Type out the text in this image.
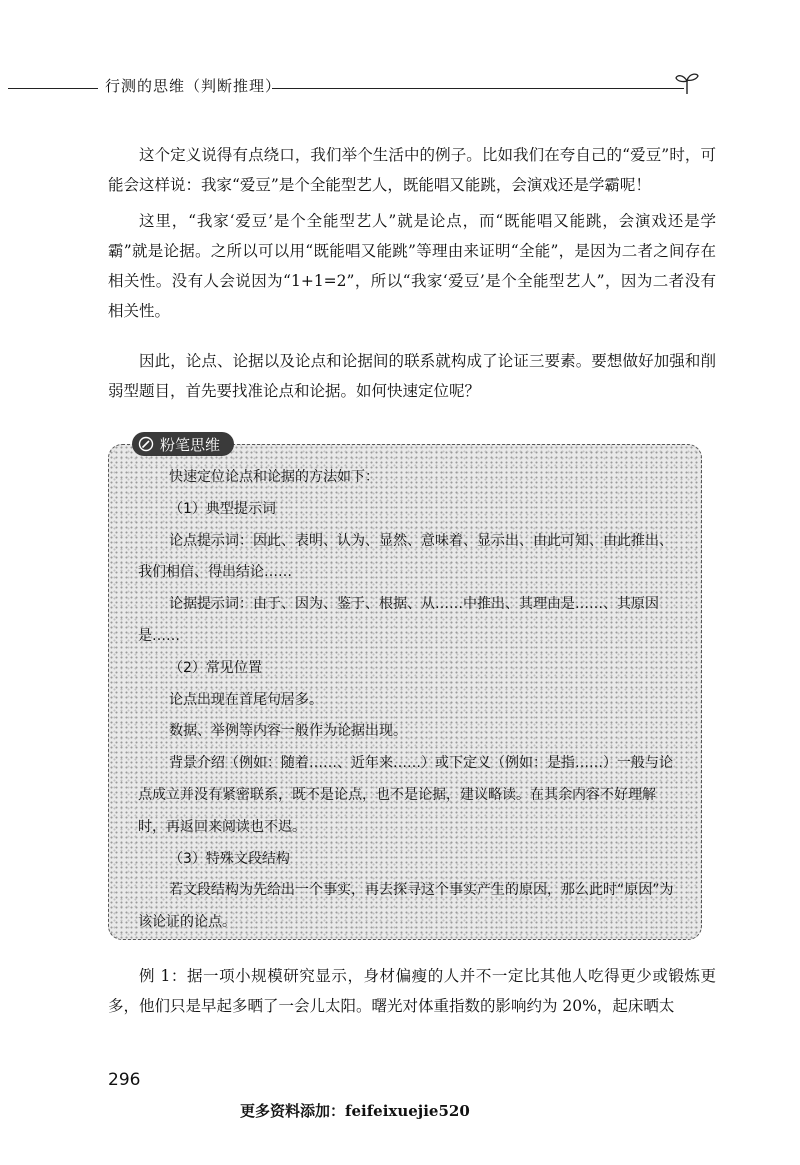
行测的思维（判断推理）

这个定义说得有点绕口，我们举个生活中的例子。比如我们在夸自己的“爱豆”时，可能会这样说：我家“爱豆”是个全能型艺人，既能唱又能跳，会演戏还是学霸呢！

这里，“我家‘爱豆’是个全能型艺人”就是论点，而“既能唱又能跳，会演戏还是学霸”就是论据。之所以可以用“既能唱又能跳”等理由来证明“全能”，是因为二者之间存在相关性。没有人会说因为“1+1=2”，所以“我家‘爱豆’是个全能型艺人”，因为二者没有相关性。

因此，论点、论据以及论点和论据间的联系就构成了论证三要素。要想做好加强和削弱型题目，首先要找准论点和论据。如何快速定位呢？

粉笔思维

快速定位论点和论据的方法如下：

（1）典型提示词

论点提示词：因此、表明、认为、显然、意味着、显示出、由此可知、由此推出、我们相信、得出结论……

论据提示词：由于、因为、鉴于、根据、从……中推出、其理由是……、其原因是……

（2）常见位置

论点出现在首尾句居多。

数据、举例等内容一般作为论据出现。

背景介绍（例如：随着……、近年来……）或下定义（例如：是指……）一般与论点成立并没有紧密联系，既不是论点，也不是论据，建议略读。在其余内容不好理解时，再返回来阅读也不迟。

（3）特殊文段结构

若文段结构为先给出一个事实，再去探寻这个事实产生的原因，那么此时“原因”为该论证的论点。

例 1：据一项小规模研究显示，身材偏瘦的人并不一定比其他人吃得更少或锻炼更多，他们只是早起多晒了一会儿太阳。曙光对体重指数的影响约为 20%，起床晒太

296
更多资料添加：feifeixuejie520
